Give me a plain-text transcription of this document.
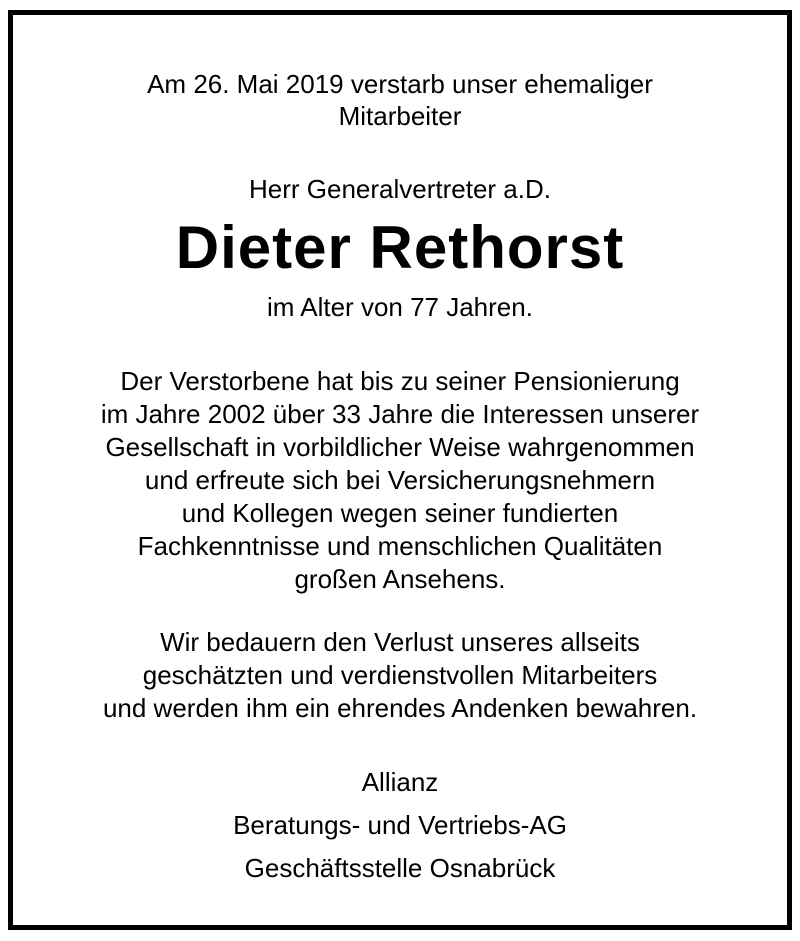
Am 26. Mai 2019 verstarb unser ehemaliger
Mitarbeiter
Herr Generalvertreter a.D.
Dieter Rethorst
im Alter von 77 Jahren.
Der Verstorbene hat bis zu seiner Pensionierung
im Jahre 2002 über 33 Jahre die Interessen unserer
Gesellschaft in vorbildlicher Weise wahrgenommen
und erfreute sich bei Versicherungsnehmern
und Kollegen wegen seiner fundierten
Fachkenntnisse und menschlichen Qualitäten
großen Ansehens.
Wir bedauern den Verlust unseres allseits
geschätzten und verdienstvollen Mitarbeiters
und werden ihm ein ehrendes Andenken bewahren.
Allianz
Beratungs- und Vertriebs-AG
Geschäftsstelle Osnabrück
